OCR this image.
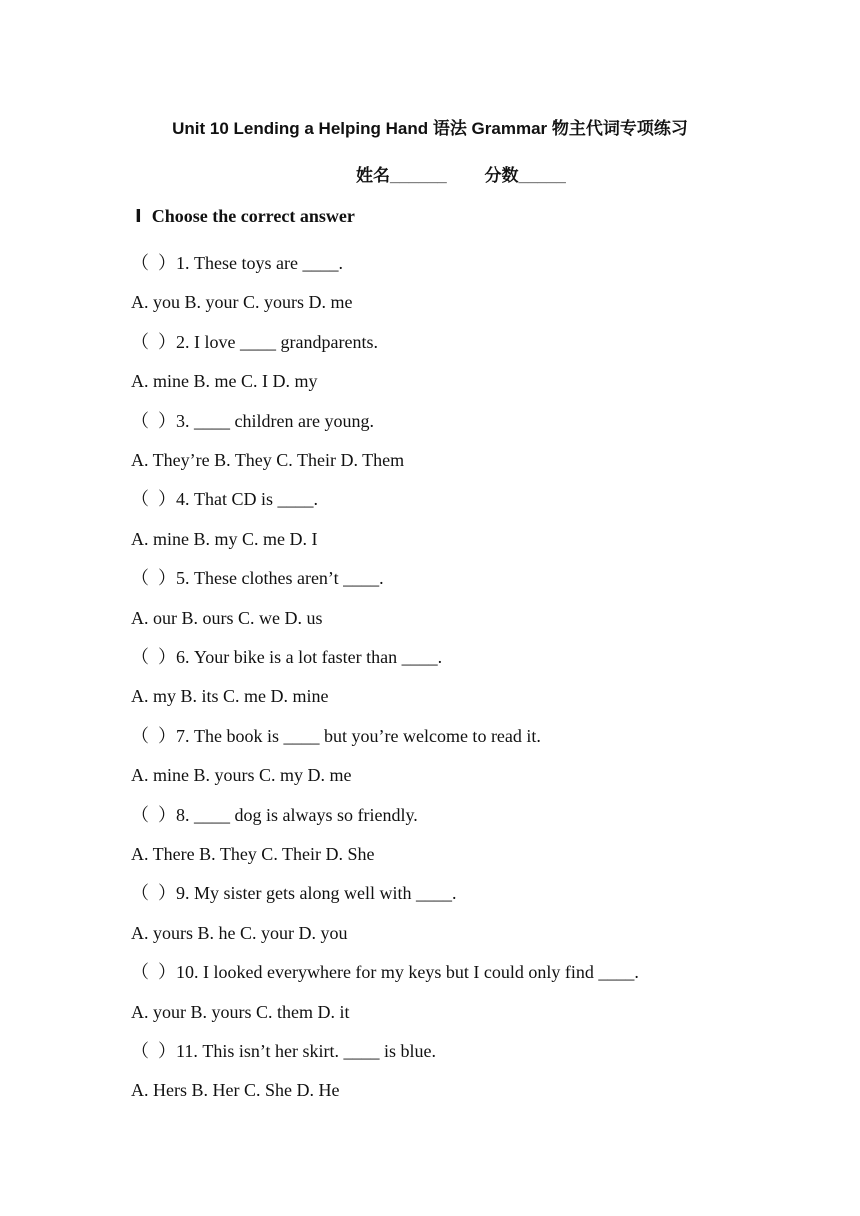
Unit 10 Lending a Helping Hand 语法 Grammar 物主代词专项练习
姓名______        分数_____
Ⅰ Choose the correct answer
（  ）1. These toys are ____.
A. you B. your C. yours D. me
（  ）2. I love ____ grandparents.
A. mine B. me C. I D. my
（  ）3. ____ children are young.
A. They’re B. They C. Their D. Them
（  ）4. That CD is ____.
A. mine B. my C. me D. I
（  ）5. These clothes aren’t ____.
A. our B. ours C. we D. us
（  ）6. Your bike is a lot faster than ____.
A. my B. its C. me D. mine
（  ）7. The book is ____ but you’re welcome to read it.
A. mine B. yours C. my D. me
（  ）8. ____ dog is always so friendly.
A. There B. They C. Their D. She
（  ）9. My sister gets along well with ____.
A. yours B. he C. your D. you
（  ）10. I looked everywhere for my keys but I could only find ____.
A. your B. yours C. them D. it
（  ）11. This isn’t her skirt. ____ is blue.
A. Hers B. Her C. She D. He
